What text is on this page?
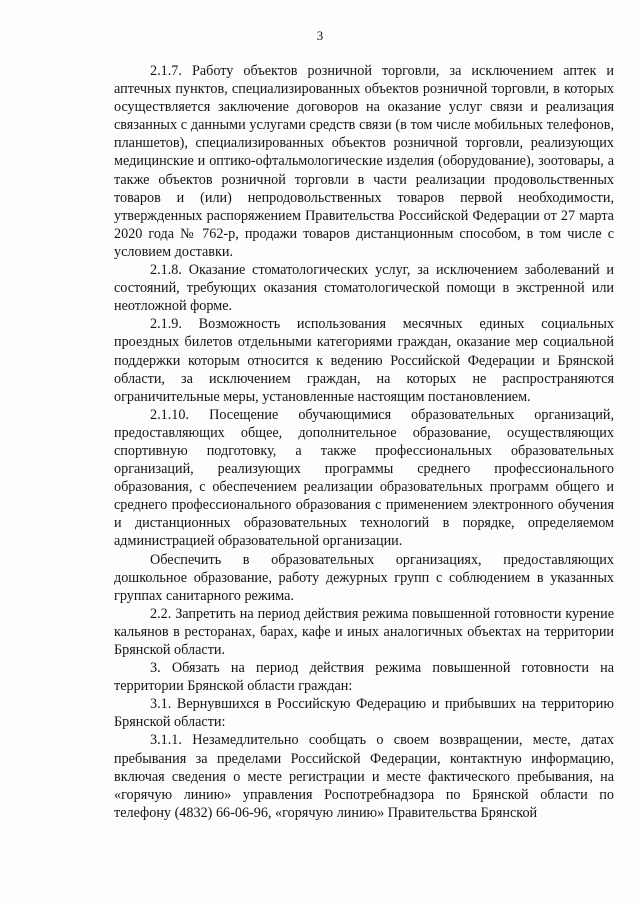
3

2.1.7. Работу объектов розничной торговли, за исключением аптек и аптечных пунктов, специализированных объектов розничной торговли, в которых осуществляется заключение договоров на оказание услуг связи и реализация связанных с данными услугами средств связи (в том числе мобильных телефонов, планшетов), специализированных объектов розничной торговли, реализующих медицинские и оптико-офтальмологические изделия (оборудование), зоотовары, а также объектов розничной торговли в части реализации продовольственных товаров и (или) непродовольственных товаров первой необходимости, утвержденных распоряжением Правительства Российской Федерации от 27 марта 2020 года № 762-р, продажи товаров дистанционным способом, в том числе с условием доставки.

2.1.8. Оказание стоматологических услуг, за исключением заболеваний и состояний, требующих оказания стоматологической помощи в экстренной или неотложной форме.

2.1.9. Возможность использования месячных единых социальных проездных билетов отдельными категориями граждан, оказание мер социальной поддержки которым относится к ведению Российской Федерации и Брянской области, за исключением граждан, на которых не распространяются ограничительные меры, установленные настоящим постановлением.

2.1.10. Посещение обучающимися образовательных организаций, предоставляющих общее, дополнительное образование, осуществляющих спортивную подготовку, а также профессиональных образовательных организаций, реализующих программы среднего профессионального образования, с обеспечением реализации образовательных программ общего и среднего профессионального образования с применением электронного обучения и дистанционных образовательных технологий в порядке, определяемом администрацией образовательной организации.

Обеспечить в образовательных организациях, предоставляющих дошкольное образование, работу дежурных групп с соблюдением в указанных группах санитарного режима.

2.2. Запретить на период действия режима повышенной готовности курение кальянов в ресторанах, барах, кафе и иных аналогичных объектах на территории Брянской области.

3. Обязать на период действия режима повышенной готовности на территории Брянской области граждан:

3.1. Вернувшихся в Российскую Федерацию и прибывших на территорию Брянской области:

3.1.1. Незамедлительно сообщать о своем возвращении, месте, датах пребывания за пределами Российской Федерации, контактную информацию, включая сведения о месте регистрации и месте фактического пребывания, на «горячую линию» управления Роспотребнадзора по Брянской области по телефону (4832) 66-06-96, «горячую линию» Правительства Брянской
